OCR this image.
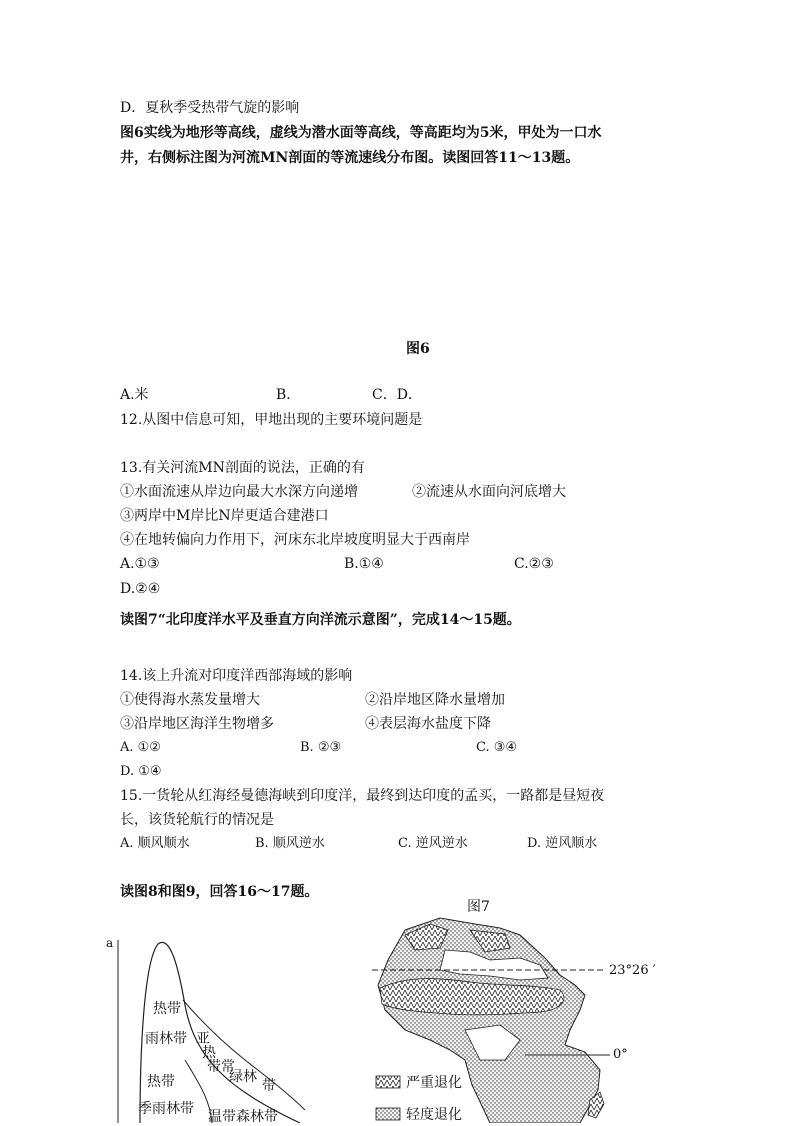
D．夏秋季受热带气旋的影响
图6实线为地形等高线，虚线为潜水面等高线，等高距均为5米，甲处为一口水
井，右侧标注图为河流MN剖面的等流速线分布图。读图回答11～13题。
图6
A.米	B．	C．D．
12.从图中信息可知，甲地出现的主要环境问题是
13.有关河流MN剖面的说法，正确的有
①水面流速从岸边向最大水深方向递增	②流速从水面向河底增大
③两岸中M岸比N岸更适合建港口
④在地转偏向力作用下，河床东北岸坡度明显大于西南岸
A.①③	B.①④	C.②③
D.②④
读图7“北印度洋水平及垂直方向洋流示意图”，完成14～15题。
14.该上升流对印度洋西部海域的影响
①使得海水蒸发量增大	②沿岸地区降水量增加
③沿岸地区海洋生物增多	④表层海水盐度下降
A. ①②	B. ②③	C. ③④
D. ①④
15.一货轮从红海经曼德海峡到印度洋，最终到达印度的孟买，一路都是昼短夜
长，该货轮航行的情况是
A. 顺风顺水	B. 顺风逆水	C. 逆风逆水	D. 逆风顺水
读图8和图9，回答16～17题。
a
热带
雨林带 亚
热
带常
绿林
带
热带
季雨林带 温带森林带
图7
23°26 ′
0°
严重退化
轻度退化
